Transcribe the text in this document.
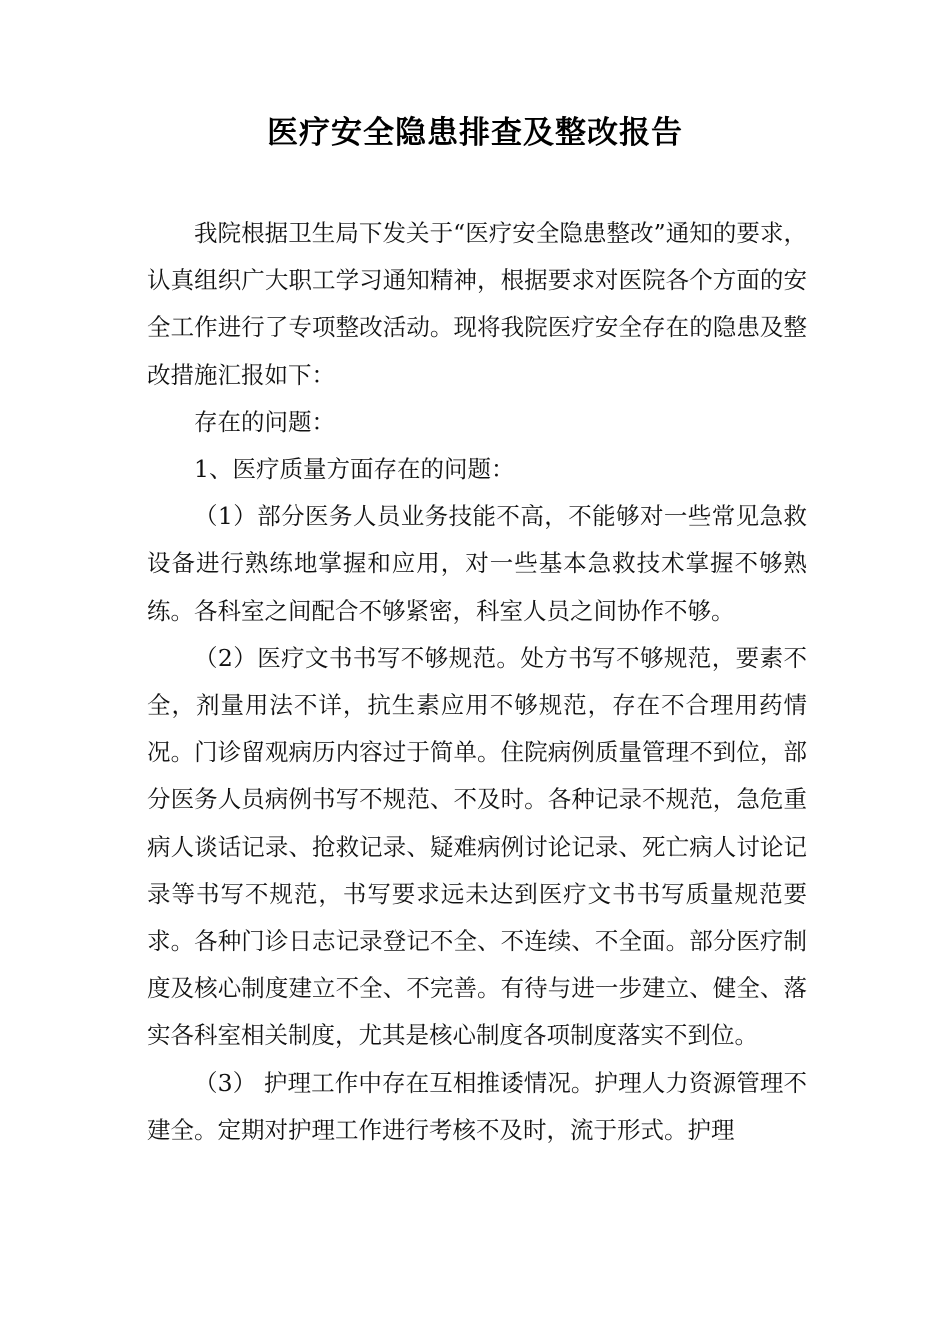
医疗安全隐患排查及整改报告

我院根据卫生局下发关于“医疗安全隐患整改”通知的要求，认真组织广大职工学习通知精神，根据要求对医院各个方面的安全工作进行了专项整改活动。现将我院医疗安全存在的隐患及整改措施汇报如下：

存在的问题：

1、医疗质量方面存在的问题：

（1）部分医务人员业务技能不高，不能够对一些常见急救设备进行熟练地掌握和应用，对一些基本急救技术掌握不够熟练。各科室之间配合不够紧密，科室人员之间协作不够。

（2）医疗文书书写不够规范。处方书写不够规范，要素不全，剂量用法不详，抗生素应用不够规范，存在不合理用药情况。门诊留观病历内容过于简单。住院病例质量管理不到位，部分医务人员病例书写不规范、不及时。各种记录不规范，急危重病人谈话记录、抢救记录、疑难病例讨论记录、死亡病人讨论记录等书写不规范，书写要求远未达到医疗文书书写质量规范要求。各种门诊日志记录登记不全、不连续、不全面。部分医疗制度及核心制度建立不全、不完善。有待与进一步建立、健全、落实各科室相关制度，尤其是核心制度各项制度落实不到位。

（3） 护理工作中存在互相推诿情况。护理人力资源管理不建全。定期对护理工作进行考核不及时，流于形式。护理
